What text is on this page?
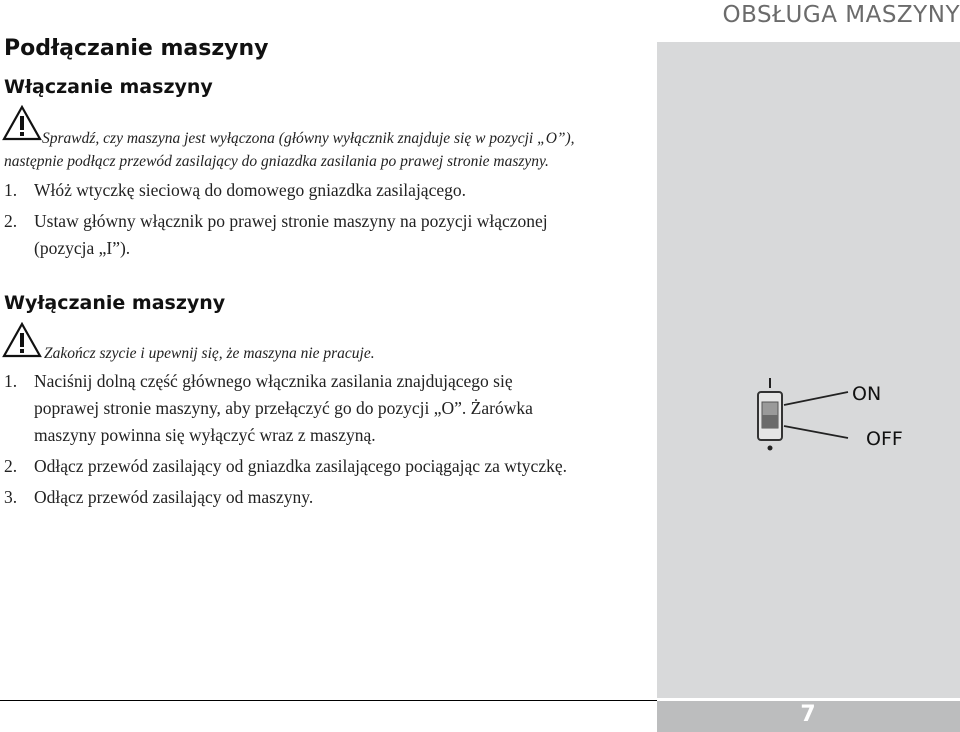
OBSŁUGA MASZYNY
7
Podłączanie maszyny
Włączanie maszyny
Sprawdź, czy maszyna jest wyłączona (główny wyłącznik znajduje się w pozycji „O”),
następnie podłącz przewód zasilający do gniazdka zasilania po prawej stronie maszyny.
1. Włóż wtyczkę sieciową do domowego gniazdka zasilającego.
2. Ustaw główny włącznik po prawej stronie maszyny na pozycji włączonej (pozycja „I”).
Wyłączanie maszyny
Zakończ szycie i upewnij się, że maszyna nie pracuje.
1. Naciśnij dolną część głównego włącznika zasilania znajdującego się poprawej stronie maszyny, aby przełączyć go do pozycji „O”. Żarówka maszyny powinna się wyłączyć wraz z maszyną.
2. Odłącz przewód zasilający od gniazdka zasilającego pociągając za wtyczkę.
3. Odłącz przewód zasilający od maszyny.
ON
OFF
